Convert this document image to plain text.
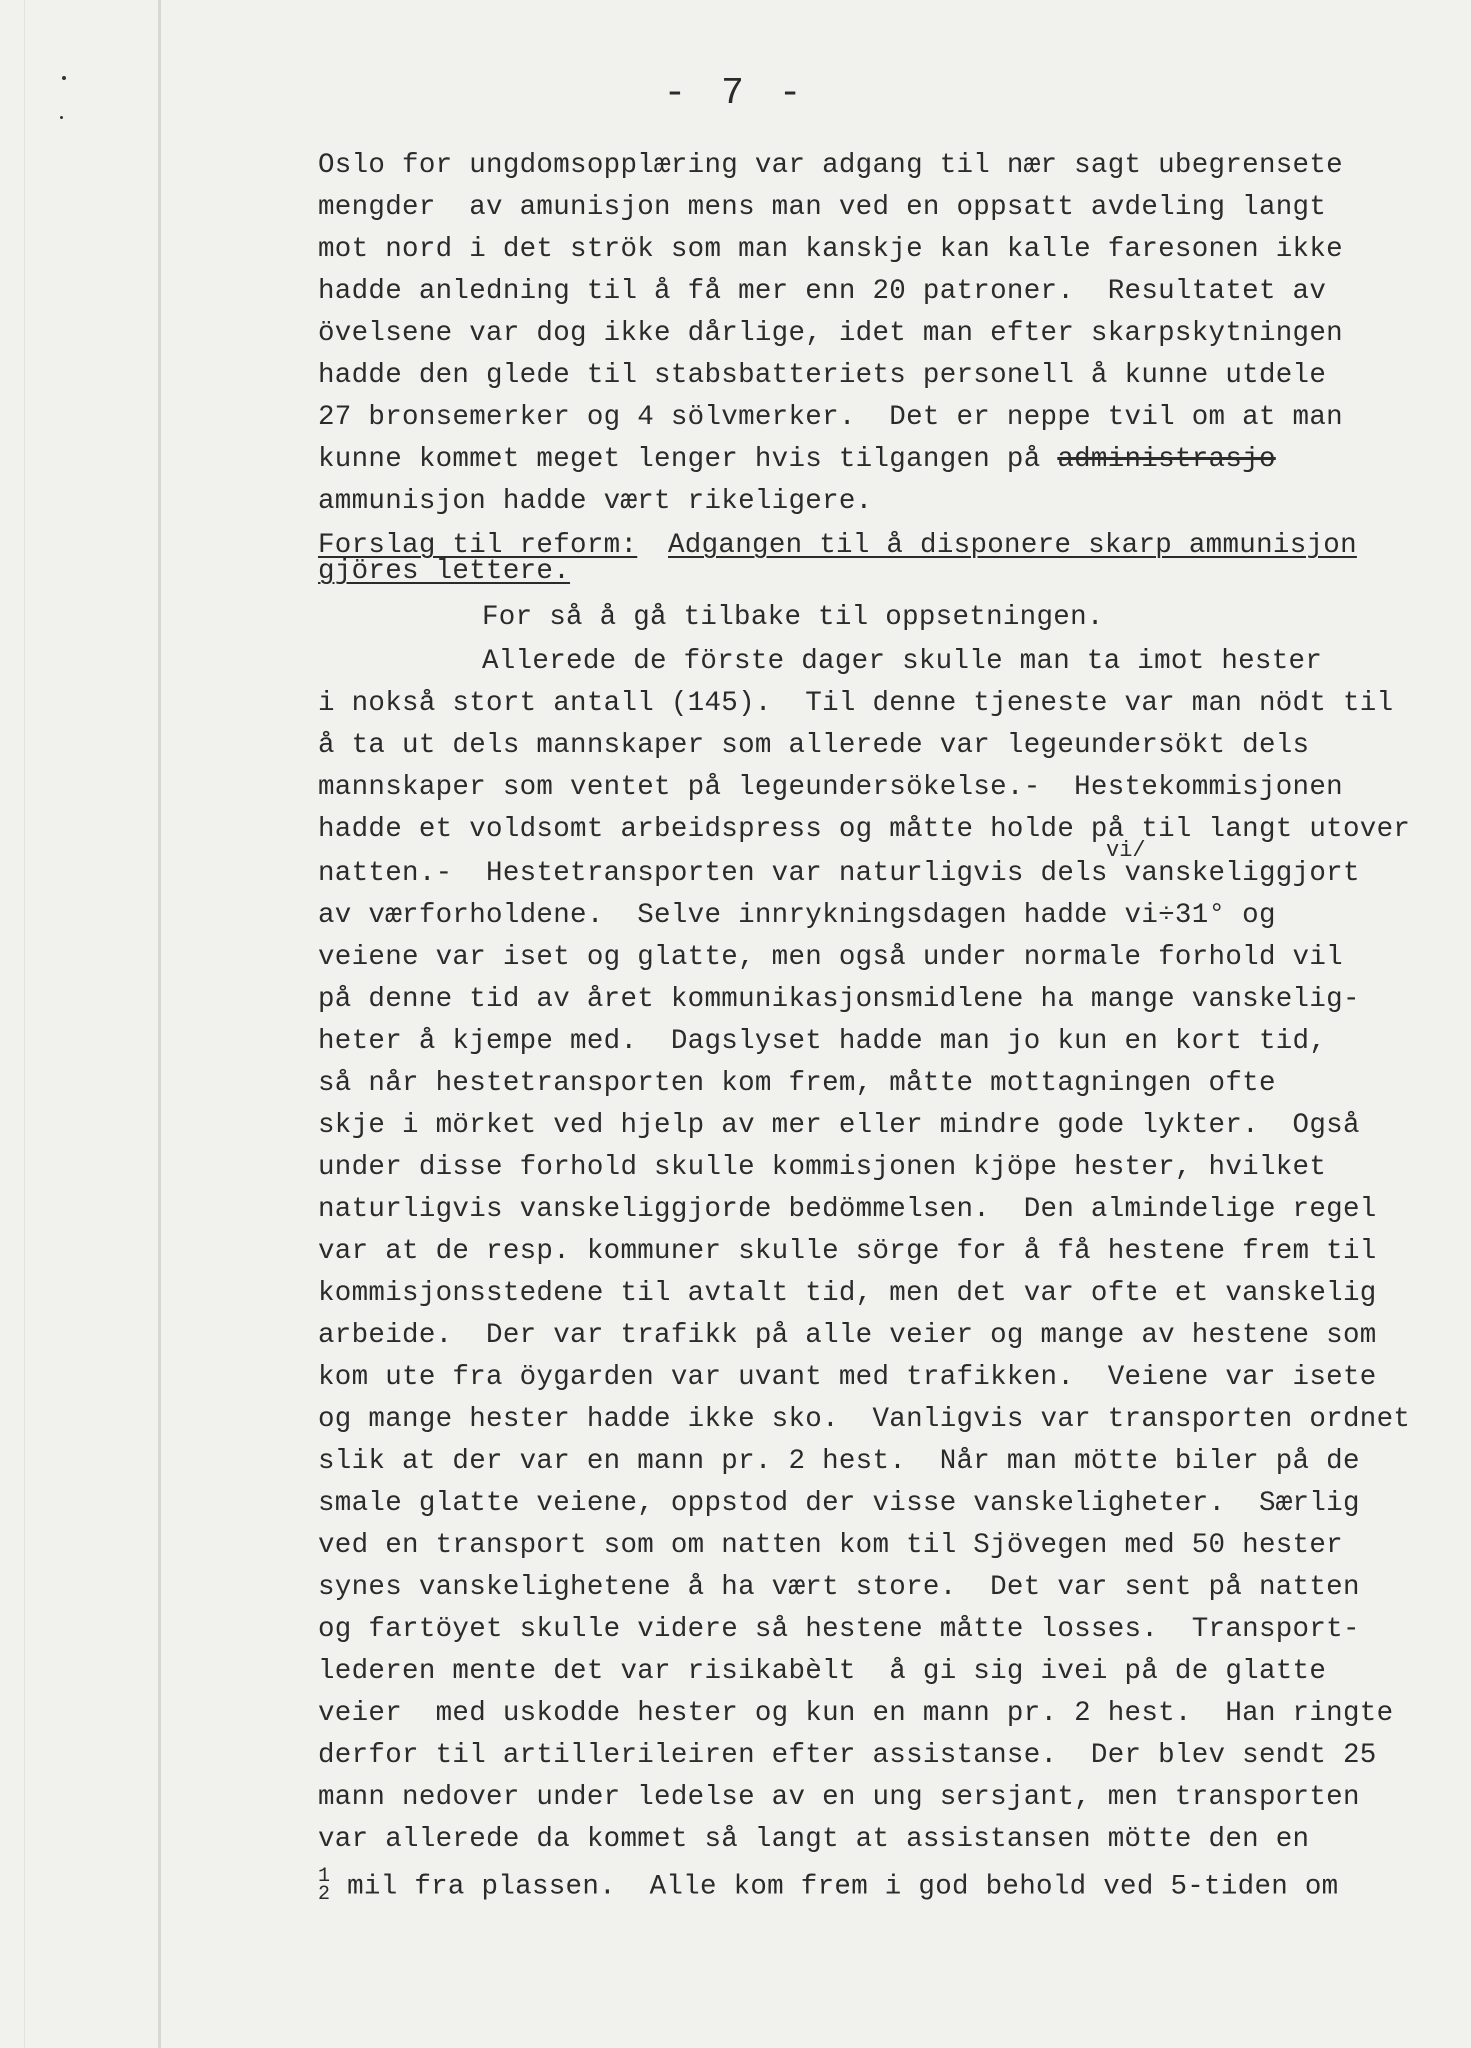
- 7 -
Oslo for ungdomsopplæring var adgang til nær sagt ubegrensete
mengder  av amunisjon mens man ved en oppsatt avdeling langt
mot nord i det strök som man kanskje kan kalle faresonen ikke
hadde anledning til å få mer enn 20 patroner.  Resultatet av
övelsene var dog ikke dårlige, idet man efter skarpskytningen
hadde den glede til stabsbatteriets personell å kunne utdele
27 bronsemerker og 4 sölvmerker.  Det er neppe tvil om at man
kunne kommet meget lenger hvis tilgangen på administrasjo
ammunisjon hadde vært rikeligere.
Forslag til reform: Adgangen til å disponere skarp ammunisjon
gjöres lettere.
For så å gå tilbake til oppsetningen.
Allerede de förste dager skulle man ta imot hester
i nokså stort antall (145).  Til denne tjeneste var man nödt til
å ta ut dels mannskaper som allerede var legeundersökt dels
mannskaper som ventet på legeundersökelse.-  Hestekommisjonen
hadde et voldsomt arbeidspress og måtte holde på til langt utover
vi/
natten.-  Hestetransporten var naturligvis dels vanskeliggjort
av værforholdene.  Selve innrykningsdagen hadde vi÷31° og
veiene var iset og glatte, men også under normale forhold vil
på denne tid av året kommunikasjonsmidlene ha mange vanskelig-
heter å kjempe med.  Dagslyset hadde man jo kun en kort tid,
så når hestetransporten kom frem, måtte mottagningen ofte
skje i mörket ved hjelp av mer eller mindre gode lykter.  Også
under disse forhold skulle kommisjonen kjöpe hester, hvilket
naturligvis vanskeliggjorde bedömmelsen.  Den almindelige regel
var at de resp. kommuner skulle sörge for å få hestene frem til
kommisjonsstedene til avtalt tid, men det var ofte et vanskelig
arbeide.  Der var trafikk på alle veier og mange av hestene som
kom ute fra öygarden var uvant med trafikken.  Veiene var isete
og mange hester hadde ikke sko.  Vanligvis var transporten ordnet
slik at der var en mann pr. 2 hest.  Når man mötte biler på de
smale glatte veiene, oppstod der visse vanskeligheter.  Særlig
ved en transport som om natten kom til Sjövegen med 50 hester
synes vanskelighetene å ha vært store.  Det var sent på natten
og fartöyet skulle videre så hestene måtte losses.  Transport-
lederen mente det var risikabèlt  å gi sig ivei på de glatte
veier  med uskodde hester og kun en mann pr. 2 hest.  Han ringte
derfor til artillerileiren efter assistanse.  Der blev sendt 25
mann nedover under ledelse av en ung sersjant, men transporten
var allerede da kommet så langt at assistansen mötte den en
1
2 mil fra plassen.  Alle kom frem i god behold ved 5-tiden om
